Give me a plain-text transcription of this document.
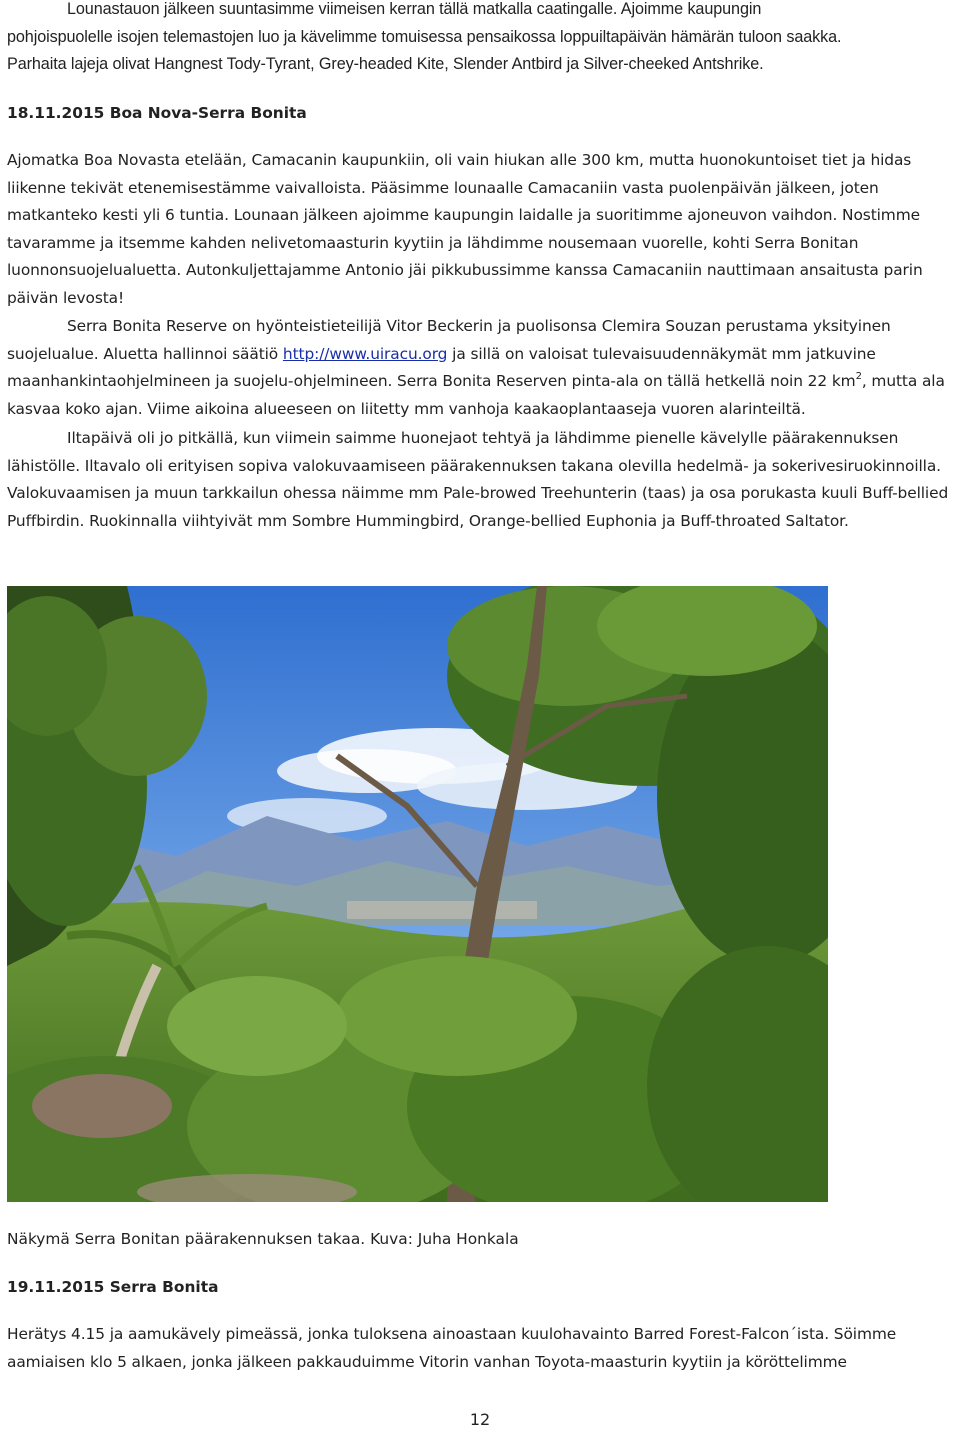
Lounastauon jälkeen suuntasimme viimeisen kerran tällä matkalla caatingalle. Ajoimme kaupungin
pohjoispuolelle isojen telemastojen luo ja kävelimme tomuisessa pensaikossa loppuiltapäivän hämärän tuloon saakka.
Parhaita lajeja olivat Hangnest Tody-Tyrant, Grey-headed Kite, Slender Antbird ja Silver-cheeked Antshrike.

18.11.2015 Boa Nova-Serra Bonita

Ajomatka Boa Novasta etelään, Camacanin kaupunkiin, oli vain hiukan alle 300 km, mutta huonokuntoiset tiet ja hidas liikenne tekivät etenemisestämme vaivalloista. Pääsimme lounaalle Camacaniin vasta puolenpäivän jälkeen, joten matkanteko kesti yli 6 tuntia. Lounaan jälkeen ajoimme kaupungin laidalle ja suoritimme ajoneuvon vaihdon. Nostimme tavaramme ja itsemme kahden nelivetomaasturin kyytiin ja lähdimme nousemaan vuorelle, kohti Serra Bonitan luonnonsuojelualuetta. Autonkuljettajamme Antonio jäi pikkubussimme kanssa Camacaniin nauttimaan ansaitusta parin päivän levosta!

Serra Bonita Reserve on hyönteistieteilijä Vitor Beckerin ja puolisonsa Clemira Souzan perustama yksityinen suojelualue. Aluetta hallinnoi säätiö http://www.uiracu.org ja sillä on valoisat tulevaisuudennäkymät mm jatkuvine maanhankintaohjelmineen ja suojelu-ohjelmineen. Serra Bonita Reserven pinta-ala on tällä hetkellä noin 22 $km^2$, mutta ala kasvaa koko ajan. Viime aikoina alueeseen on liitetty mm vanhoja kaakaoplantaaseja vuoren alarinteiltä.

Iltapäivä oli jo pitkällä, kun viimein saimme huonejaot tehtyä ja lähdimme pienelle kävelylle päärakennuksen lähistölle. Iltavalo oli erityisen sopiva valokuvaamiseen päärakennuksen takana olevilla hedelmä- ja sokerivesiruokinnoilla. Valokuvaamisen ja muun tarkkailun ohessa näimme mm Pale-browed Treehunterin (taas) ja osa porukasta kuuli Buff-bellied Puffbirdin. Ruokinnalla viihtyivät mm Sombre Hummingbird, Orange-bellied Euphonia ja Buff-throated Saltator.

Näkymä Serra Bonitan päärakennuksen takaa. Kuva: Juha Honkala
19.11.2015 Serra Bonita

Herätys 4.15 ja aamukävely pimeässä, jonka tuloksena ainoastaan kuulohavainto Barred Forest-Falcon´ista. Söimme aamiaisen klo 5 alkaen, jonka jälkeen pakkauduimme Vitorin vanhan Toyota-maasturin kyytiin ja köröttelimme

12
